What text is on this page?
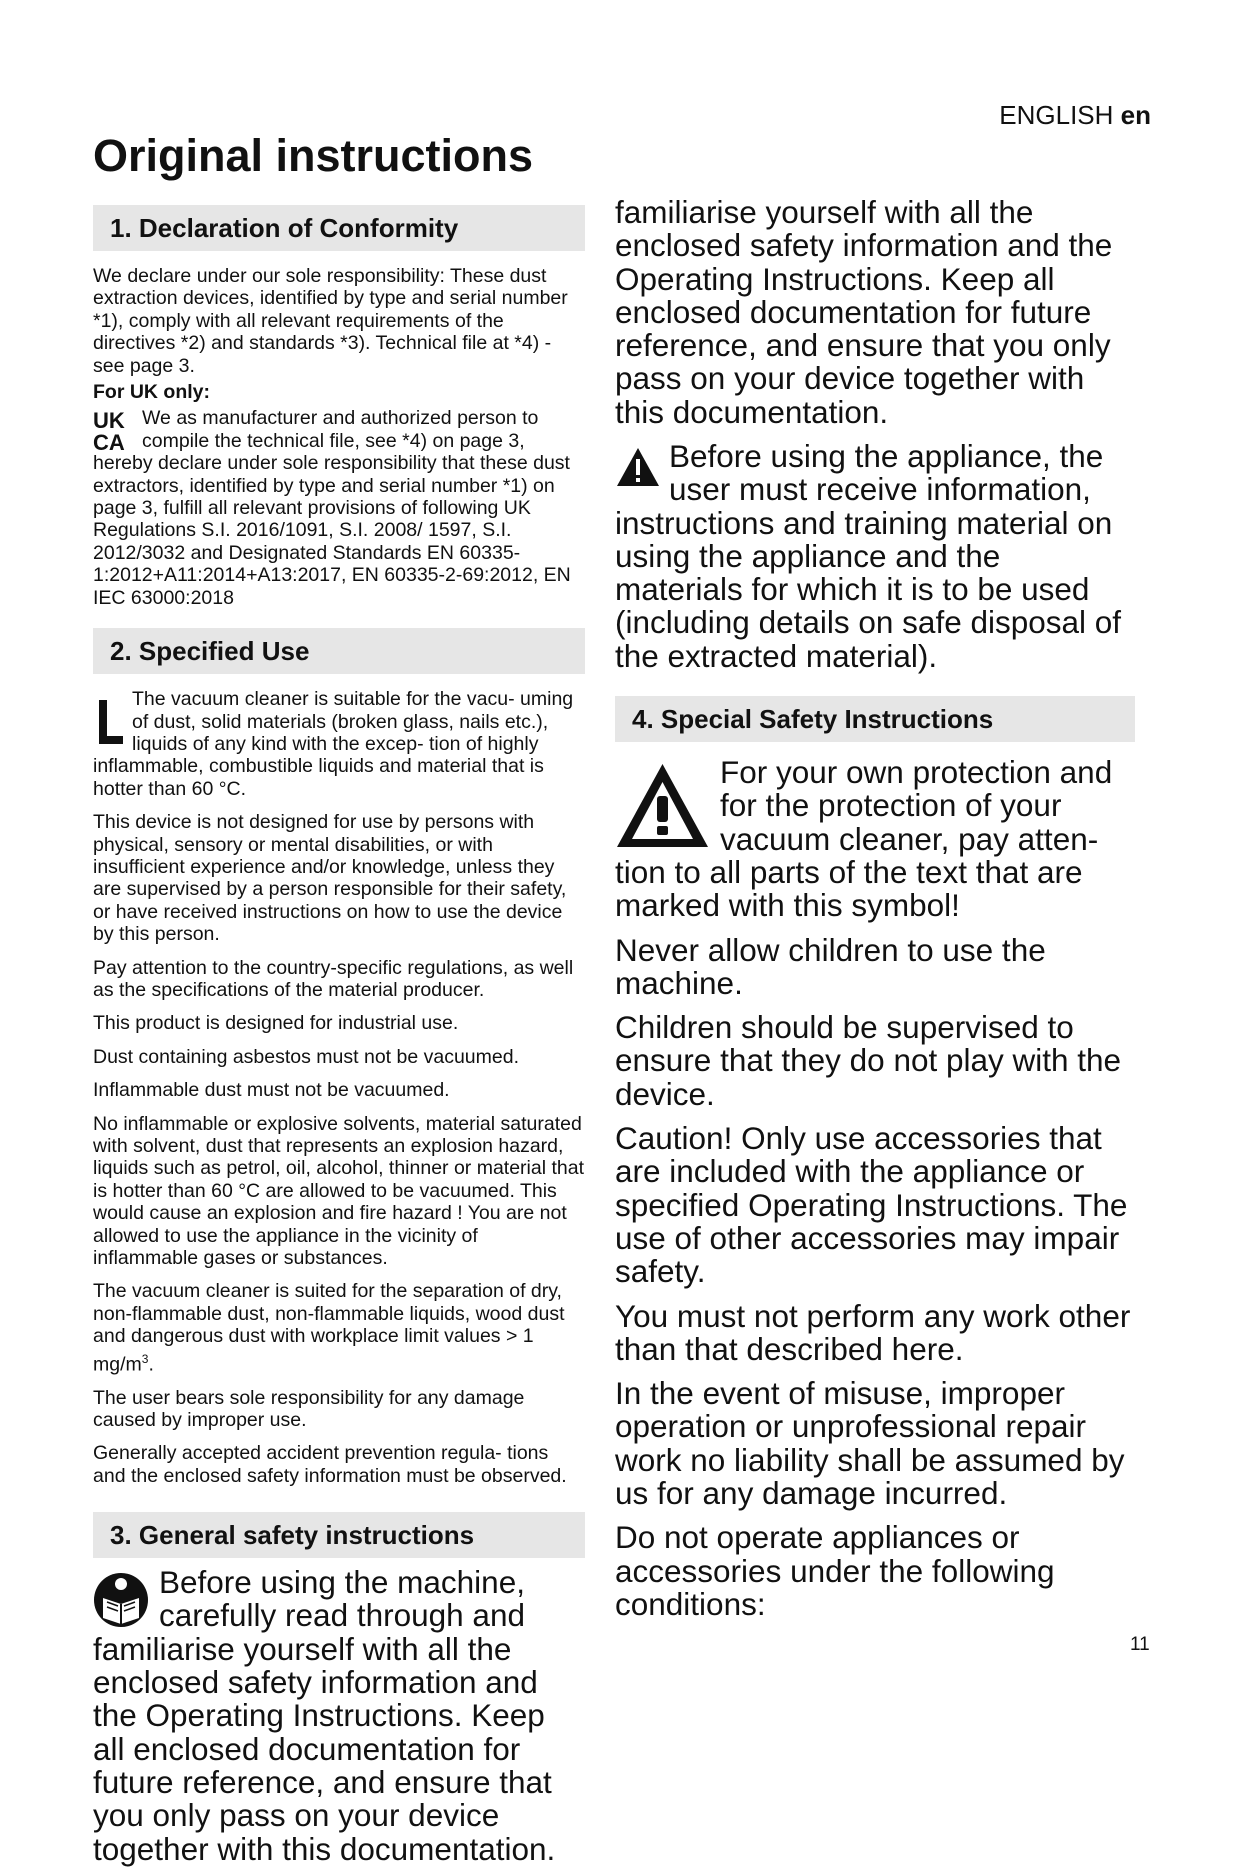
ENGLISH en
Original instructions
1. Declaration of Conformity

We declare under our sole responsibility: These dust extraction devices, identified by type and serial number *1), comply with all relevant requirements of the directives *2) and standards *3). Technical file at *4) - see page 3.

For UK only:

UK
CA

We as manufacturer and authorized person to compile the technical file, see *4) on page 3, hereby declare under sole responsibility that these dust extractors, identified by type and serial number *1) on page 3, fulfill all relevant provisions of following UK Regulations S.I. 2016/1091, S.I. 2008/ 1597, S.I. 2012/3032 and Designated Standards EN 60335-1:2012+A11:2014+A13:2017, EN 60335-2-69:2012, EN IEC 63000:2018

2. Specified Use

The vacuum cleaner is suitable for the vacu- uming of dust, solid materials (broken glass, nails etc.), liquids of any kind with the excep- tion of highly inflammable, combustible liquids and material that is hotter than 60 °C.

This device is not designed for use by persons with physical, sensory or mental disabilities, or with insufficient experience and/or knowledge, unless they are supervised by a person responsible for their safety, or have received instructions on how to use the device by this person.

Pay attention to the country-specific regulations, as well as the specifications of the material producer.

This product is designed for industrial use.

Dust containing asbestos must not be vacuumed.

Inflammable dust must not be vacuumed.

No inflammable or explosive solvents, material saturated with solvent, dust that represents an explosion hazard, liquids such as petrol, oil, alcohol, thinner or material that is hotter than 60 °C are allowed to be vacuumed. This would cause an explosion and fire hazard ! You are not allowed to use the appliance in the vicinity of inflammable gases or substances.

The vacuum cleaner is suited for the separation of dry, non-flammable dust, non-flammable liquids, wood dust and dangerous dust with workplace limit values > 1 $mg/m^3$.

The user bears sole responsibility for any damage caused by improper use.

Generally accepted accident prevention regula- tions and the enclosed safety information must be observed.

3. General safety instructions

Before using the machine, carefully read through and familiarise yourself with all the enclosed safety information and the Operating Instructions. Keep all enclosed documentation for future reference, and ensure that you only pass on your device together with this documentation.

familiarise yourself with all the enclosed safety information and the Operating Instructions. Keep all enclosed documentation for future reference, and ensure that you only pass on your device together with this documentation.

Before using the appliance, the user must receive information, instructions and training material on using the appliance and the materials for which it is to be used (including details on safe disposal of the extracted material).

4. Special Safety Instructions

For your own protection and for the protection of your vacuum cleaner, pay atten- tion to all parts of the text that are marked with this symbol!

Never allow children to use the machine.

Children should be supervised to ensure that they do not play with the device.

Caution! Only use accessories that are included with the appliance or specified Operating Instructions. The use of other accessories may impair safety.

You must not perform any work other than that described here.

In the event of misuse, improper operation or unprofessional repair work no liability shall be assumed by us for any damage incurred.

Do not operate appliances or accessories under the following conditions:

11
